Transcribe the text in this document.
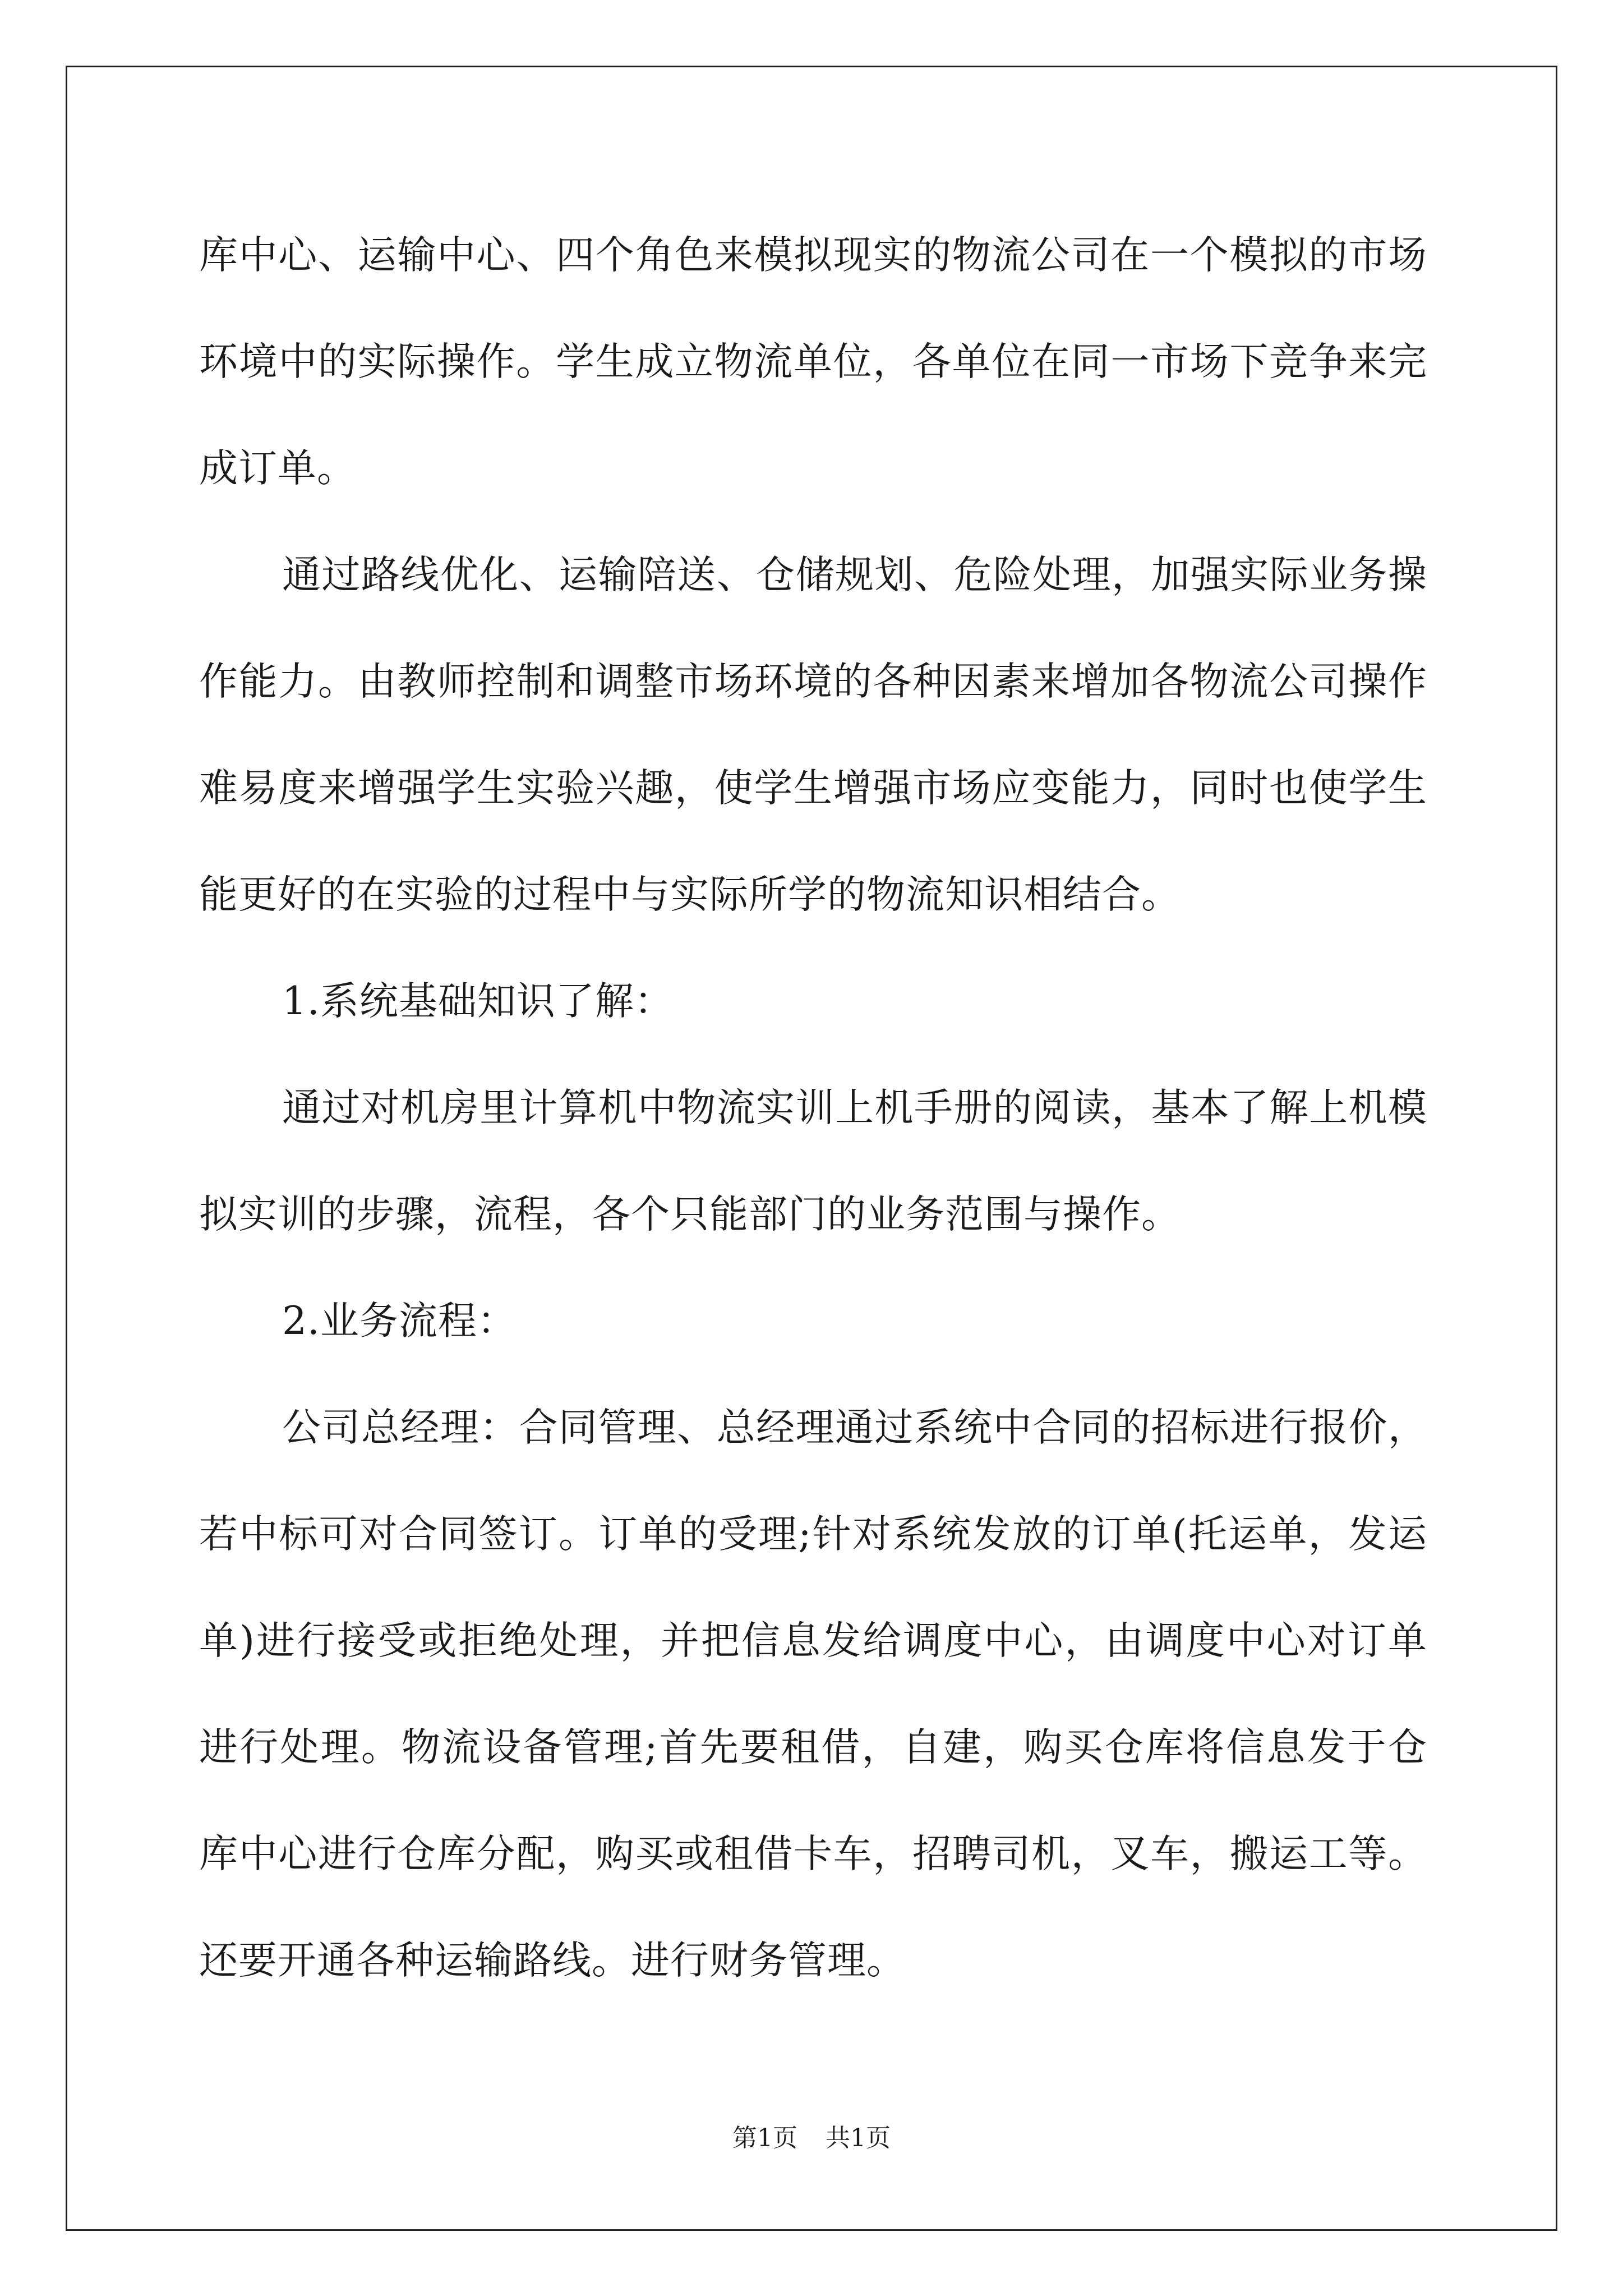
库中心、运输中心、四个角色来模拟现实的物流公司在一个模拟的市场环境中的实际操作。学生成立物流单位，各单位在同一市场下竞争来完成订单。

通过路线优化、运输陪送、仓储规划、危险处理，加强实际业务操作能力。由教师控制和调整市场环境的各种因素来增加各物流公司操作难易度来增强学生实验兴趣，使学生增强市场应变能力，同时也使学生能更好的在实验的过程中与实际所学的物流知识相结合。

1.系统基础知识了解：

通过对机房里计算机中物流实训上机手册的阅读，基本了解上机模拟实训的步骤，流程，各个只能部门的业务范围与操作。

2.业务流程：

公司总经理：合同管理、总经理通过系统中合同的招标进行报价，若中标可对合同签订。订单的受理;针对系统发放的订单(托运单，发运单)进行接受或拒绝处理，并把信息发给调度中心，由调度中心对订单进行处理。物流设备管理;首先要租借，自建，购买仓库将信息发于仓库中心进行仓库分配，购买或租借卡车，招聘司机，叉车，搬运工等。还要开通各种运输路线。进行财务管理。

第1页 共1页
